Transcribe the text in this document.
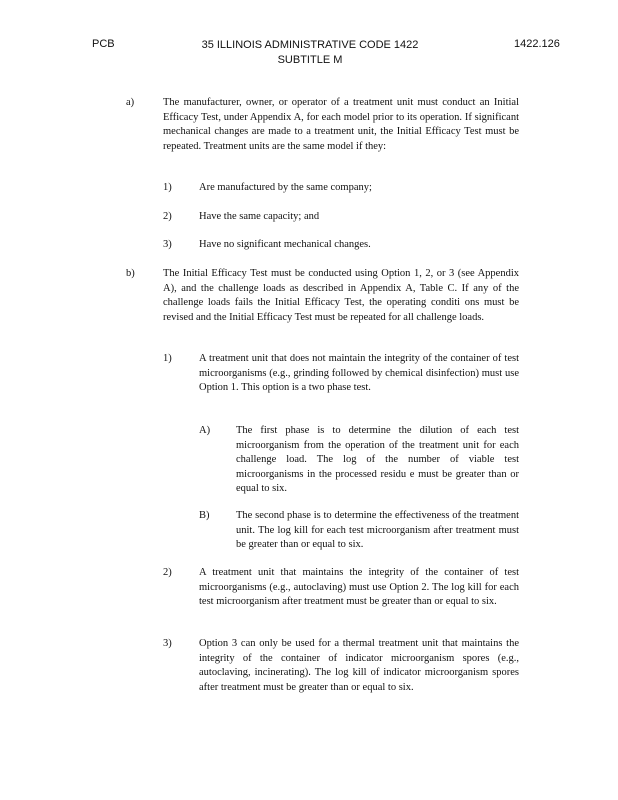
PCB	35 ILLINOIS ADMINISTRATIVE CODE 1422
SUBTITLE M
1422.126
a)	The manufacturer, owner, or operator of a treatment unit must conduct an Initial Efficacy Test, under Appendix A, for each model prior to its operation. If significant mechanical changes are made to a treatment unit, the Initial Efficacy Test must be repeated. Treatment units are the same model if they:
1)	Are manufactured by the same company;
2)	Have the same capacity; and
3)	Have no significant mechanical changes.
b)	The Initial Efficacy Test must be conducted using Option 1, 2, or 3 (see Appendix A), and the challenge loads as described in Appendix A, Table C. If any of the challenge loads fails the Initial Efficacy Test, the operating conditi ons must be revised and the Initial Efficacy Test must be repeated for all challenge loads.
1)	A treatment unit that does not maintain the integrity of the container of test microorganisms (e.g., grinding followed by chemical disinfection) must use Option 1. This option is a two phase test.
A) The first phase is to determine the dilution of each test microorganism from the operation of the treatment unit for each challenge load. The log of the number of viable test microorganisms in the processed residu e must be greater than or equal to six.
B)	The second phase is to determine the effectiveness of the treatment unit. The log kill for each test microorganism after treatment must be greater than or equal to six.
2)	A treatment unit that maintains the integrity of the container of test microorganisms (e.g., autoclaving) must use Option 2. The log kill for each test microorganism after treatment must be greater than or equal to six.
3)	Option 3 can only be used for a thermal treatment unit that maintains the integrity of the container of indicator microorganism spores (e.g., autoclaving, incinerating). The log kill of indicator microorganism spores after treatment must be greater than or equal to six.
